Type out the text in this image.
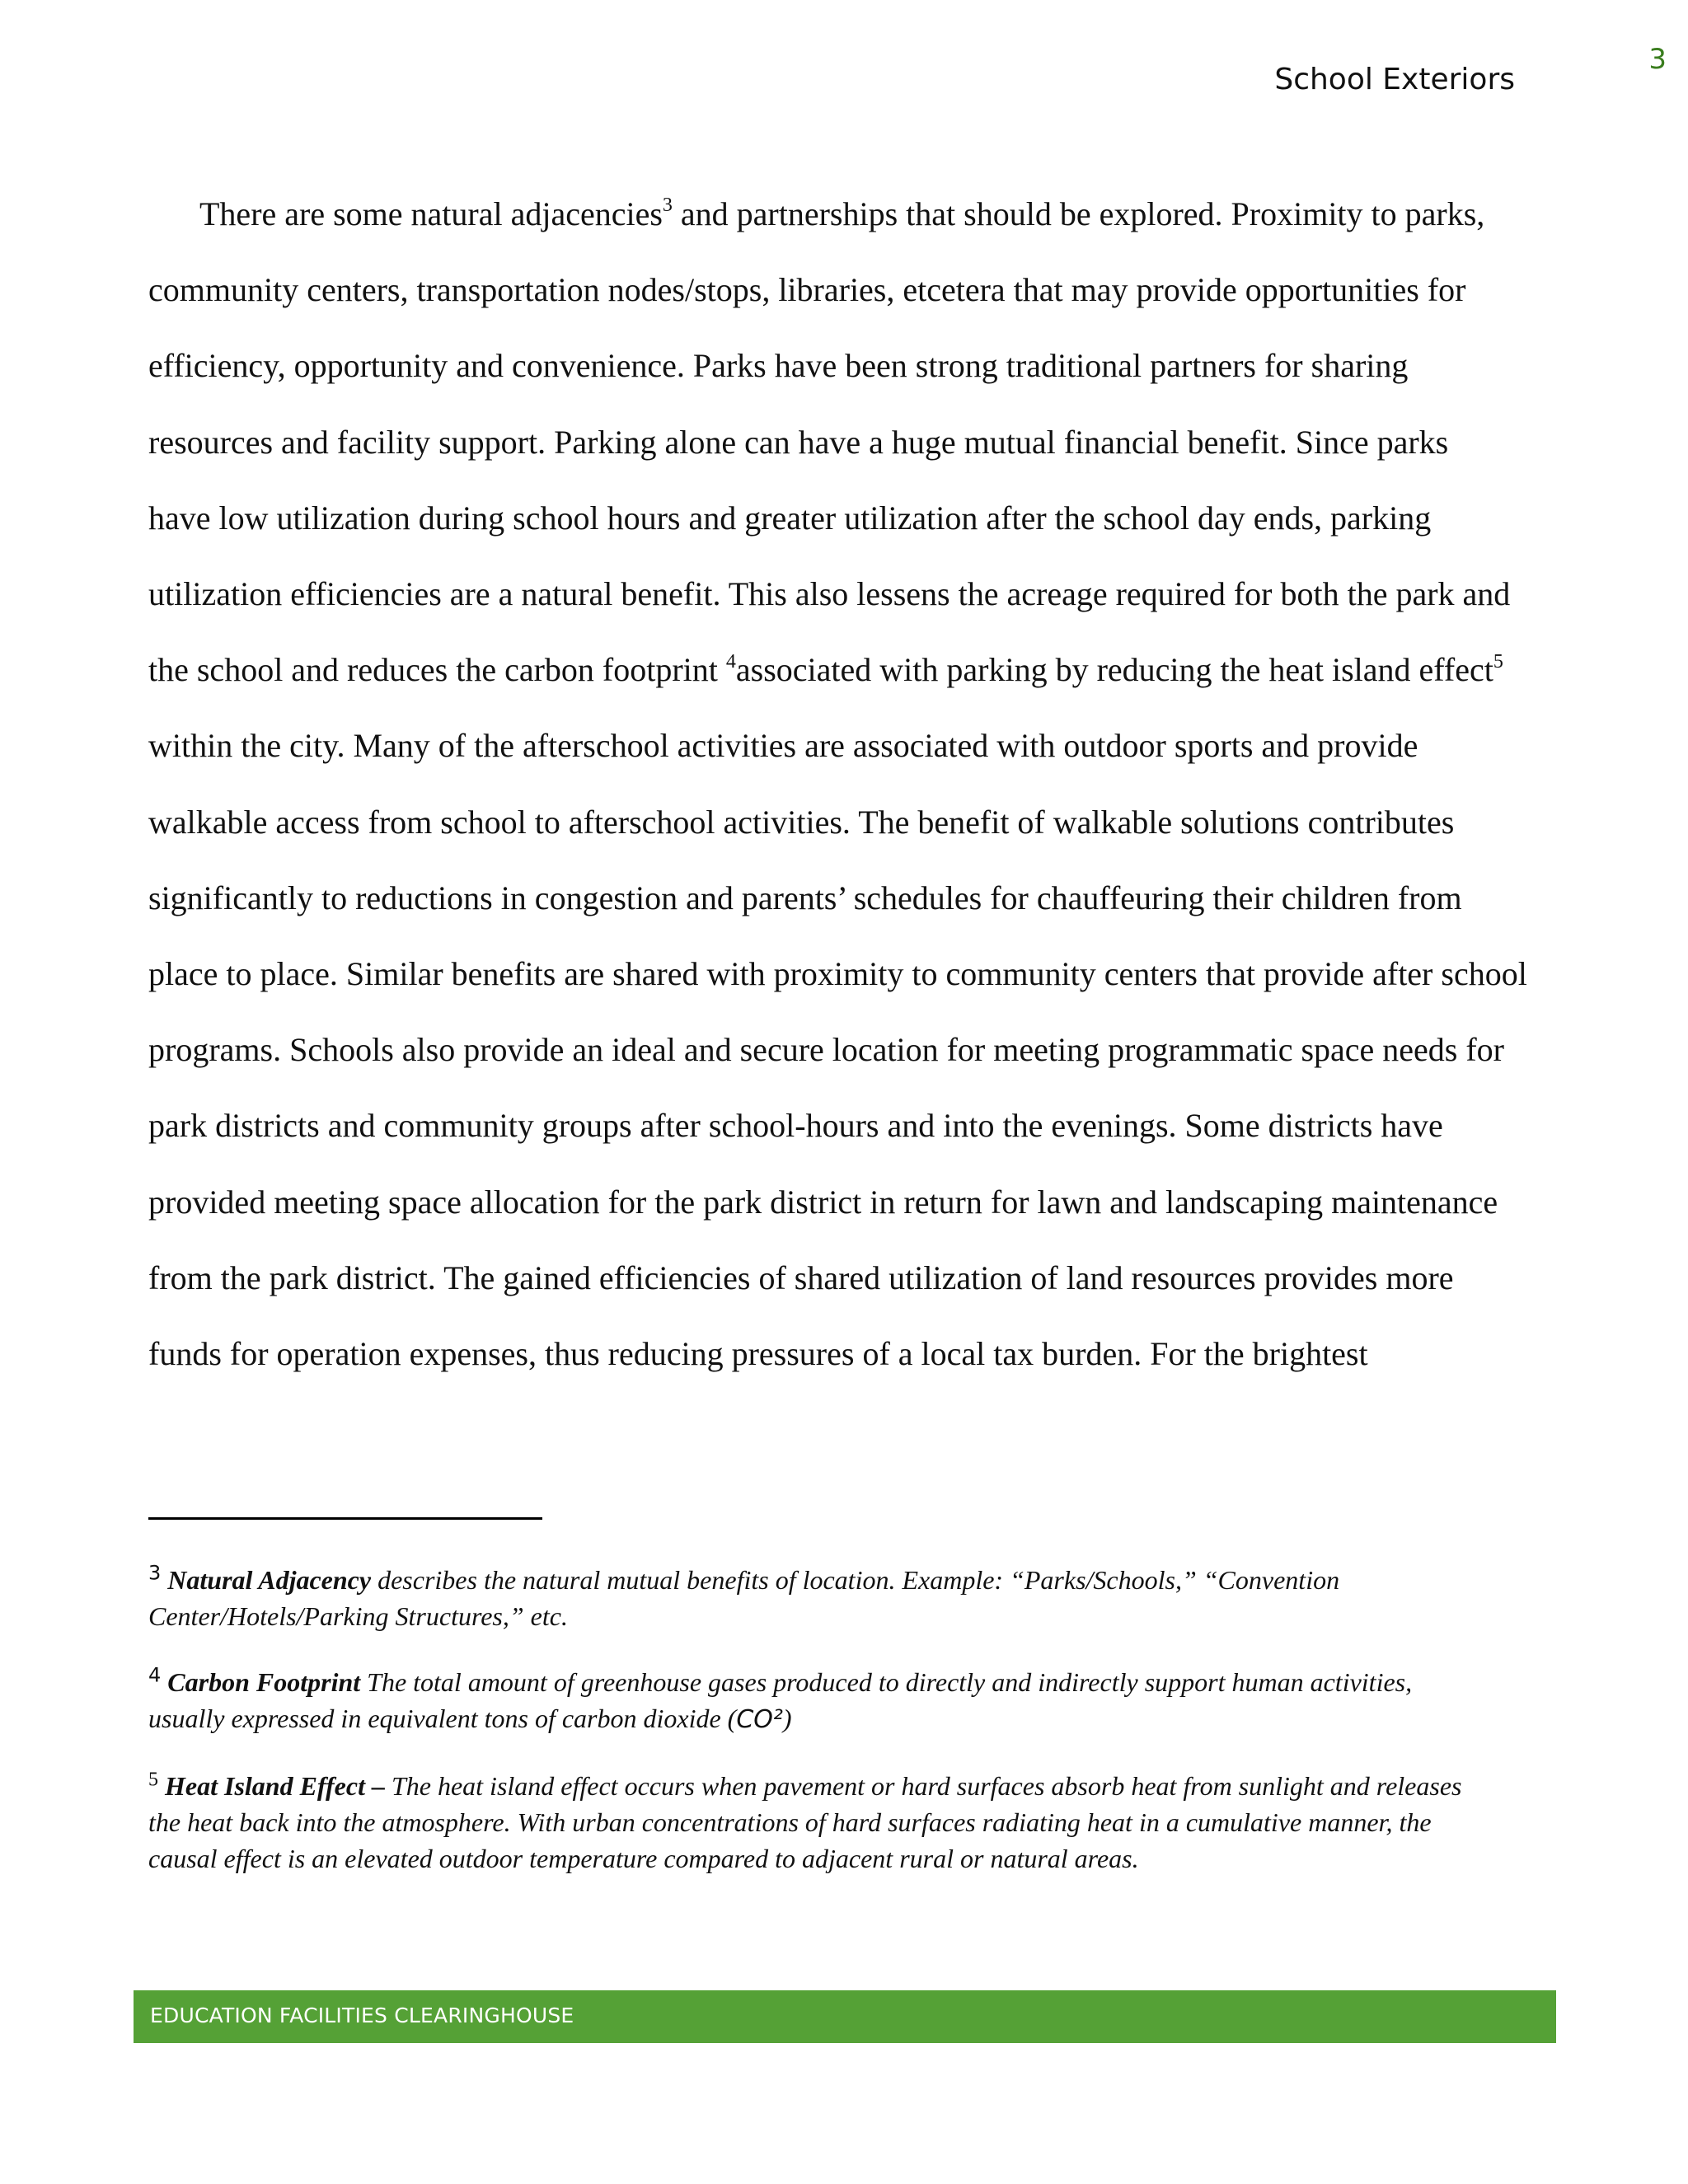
3
School Exteriors
There are some natural adjacencies$^3$ and partnerships that should be explored. Proximity to parks,
community centers, transportation nodes/stops, libraries, etcetera that may provide opportunities for
efficiency, opportunity and convenience. Parks have been strong traditional partners for sharing
resources and facility support. Parking alone can have a huge mutual financial benefit. Since parks
have low utilization during school hours and greater utilization after the school day ends, parking
utilization efficiencies are a natural benefit. This also lessens the acreage required for both the park and
the school and reduces the carbon footprint $^4$associated with parking by reducing the heat island effect$^5$
within the city. Many of the afterschool activities are associated with outdoor sports and provide
walkable access from school to afterschool activities. The benefit of walkable solutions contributes
significantly to reductions in congestion and parents’ schedules for chauffeuring their children from
place to place. Similar benefits are shared with proximity to community centers that provide after school
programs. Schools also provide an ideal and secure location for meeting programmatic space needs for
park districts and community groups after school-hours and into the evenings. Some districts have
provided meeting space allocation for the park district in return for lawn and landscaping maintenance
from the park district. The gained efficiencies of shared utilization of land resources provides more
funds for operation expenses, thus reducing pressures of a local tax burden. For the brightest
$^3$ Natural Adjacency describes the natural mutual benefits of location. Example: “Parks/Schools,” “Convention
Center/Hotels/Parking Structures,” etc.
$^4$ Carbon Footprint The total amount of greenhouse gases produced to directly and indirectly support human activities,
usually expressed in equivalent tons of carbon dioxide (CO²)
$^5$ Heat Island Effect – The heat island effect occurs when pavement or hard surfaces absorb heat from sunlight and releases
the heat back into the atmosphere. With urban concentrations of hard surfaces radiating heat in a cumulative manner, the
causal effect is an elevated outdoor temperature compared to adjacent rural or natural areas.
EDUCATION FACILITIES CLEARINGHOUSE
